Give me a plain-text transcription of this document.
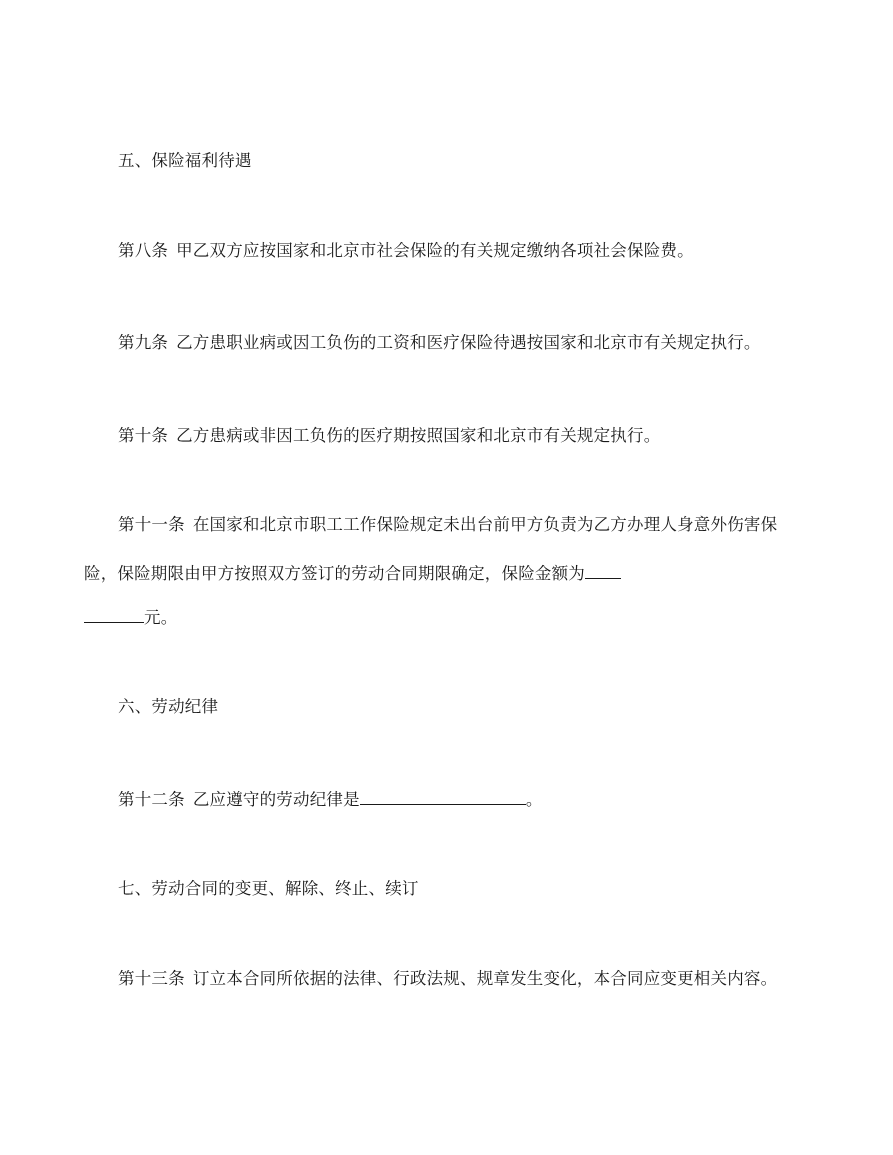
五、保险福利待遇
第八条 甲乙双方应按国家和北京市社会保险的有关规定缴纳各项社会保险费。
第九条 乙方患职业病或因工负伤的工资和医疗保险待遇按国家和北京市有关规定执行。
第十条 乙方患病或非因工负伤的医疗期按照国家和北京市有关规定执行。
第十一条 在国家和北京市职工工作保险规定未出台前甲方负责为乙方办理人身意外伤害保
险，保险期限由甲方按照双方签订的劳动合同期限确定，保险金额为
元。
六、劳动纪律
第十二条 乙应遵守的劳动纪律是	。
七、劳动合同的变更、解除、终止、续订
第十三条 订立本合同所依据的法律、行政法规、规章发生变化，本合同应变更相关内容。
